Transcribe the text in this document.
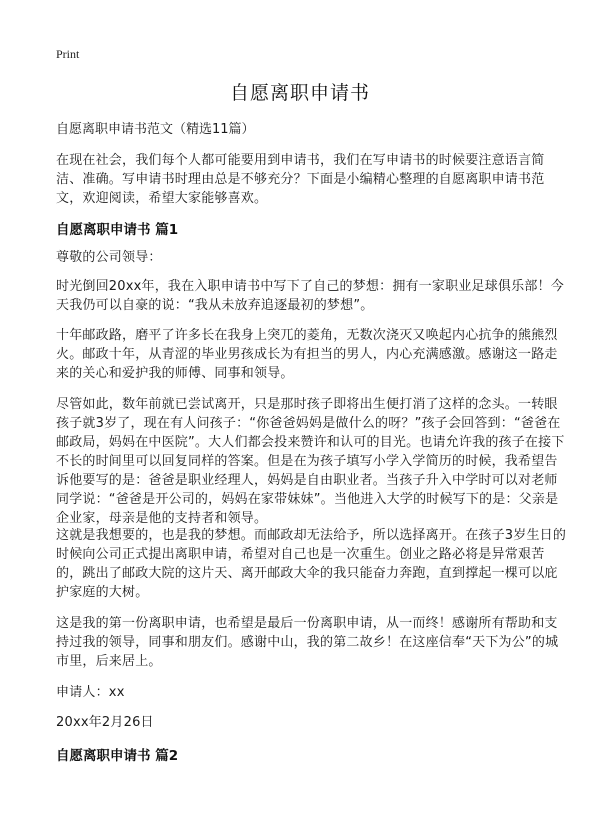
Print
自愿离职申请书
自愿离职申请书范文（精选11篇）

在现在社会，我们每个人都可能要用到申请书，我们在写申请书的时候要注意语言简洁、准确。写申请书时理由总是不够充分？下面是小编精心整理的自愿离职申请书范文，欢迎阅读，希望大家能够喜欢。

自愿离职申请书 篇1

尊敬的公司领导：

时光倒回20xx年，我在入职申请书中写下了自己的梦想：拥有一家职业足球俱乐部！今天我仍可以自豪的说：“我从未放弃追逐最初的梦想”。

十年邮政路，磨平了许多长在我身上突兀的菱角，无数次浇灭又唤起内心抗争的熊熊烈火。邮政十年，从青涩的毕业男孩成长为有担当的男人，内心充满感激。感谢这一路走来的关心和爱护我的师傅、同事和领导。

尽管如此，数年前就已尝试离开，只是那时孩子即将出生便打消了这样的念头。一转眼孩子就3岁了，现在有人问孩子：“你爸爸妈妈是做什么的呀？”孩子会回答到：“爸爸在邮政局，妈妈在中医院”。大人们都会投来赞许和认可的目光。也请允许我的孩子在接下不长的时间里可以回复同样的答案。但是在为孩子填写小学入学简历的时候，我希望告诉他要写的是：爸爸是职业经理人，妈妈是自由职业者。当孩子升入中学时可以对老师同学说：“爸爸是开公司的，妈妈在家带妹妹”。当他进入大学的时候写下的是：父亲是企业家，母亲是他的支持者和领导。

这就是我想要的，也是我的梦想。而邮政却无法给予，所以选择离开。在孩子3岁生日的时候向公司正式提出离职申请，希望对自己也是一次重生。创业之路必将是异常艰苦的，跳出了邮政大院的这片天、离开邮政大伞的我只能奋力奔跑，直到撑起一棵可以庇护家庭的大树。

这是我的第一份离职申请，也希望是最后一份离职申请，从一而终！感谢所有帮助和支持过我的领导，同事和朋友们。感谢中山，我的第二故乡！在这座信奉“天下为公”的城市里，后来居上。

申请人：xx

20xx年2月26日

自愿离职申请书 篇2
